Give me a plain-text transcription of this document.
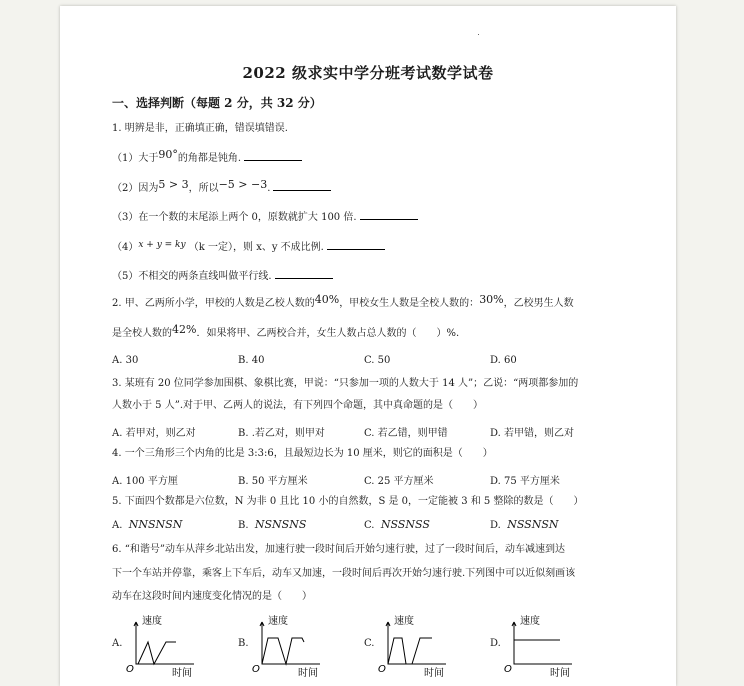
2022 级求实中学分班考试数学试卷
一、选择判断（每题 2 分，共 32 分）
1. 明辨是非，正确填正确，错误填错误.
（1）大于90°的角都是钝角.
（2）因为5 > 3，所以−5 > −3.
（3）在一个数的末尾添上两个 0，原数就扩大 100 倍.
（4）x + y = ky （k 一定），则 x、y 不成比例.
（5）不相交的两条直线叫做平行线.
2. 甲、乙两所小学，甲校的人数是乙校人数的40%，甲校女生人数是全校人数的：30%，乙校男生人数
是全校人数的42%．如果将甲、乙两校合并，女生人数占总人数的（　　）%.
A. 30	B. 40	C. 50	D. 60
3. 某班有 20 位同学参加围棋、象棋比赛，甲说：“只参加一项的人数大于 14 人”；乙说：“两项都参加的
人数小于 5 人”.对于甲、乙两人的说法，有下列四个命题，其中真命题的是（　　）
A. 若甲对，则乙对	B. .若乙对，则甲对	C. 若乙错，则甲错	D. 若甲错，则乙对
4. 一个三角形三个内角的比是 3:3:6，且最短边长为 10 厘米，则它的面积是（　　）
A. 100 平方厘	B. 50 平方厘米	C. 25 平方厘米	D. 75 平方厘米
5. 下面四个数都是六位数，N 为非 0 且比 10 小的自然数，S 是 0，一定能被 3 和 5 整除的数是（　　）
A. NNSNSN	B. NSNSNS	C. NSSNSS	D. NSSNSN
6. “和谐号”动车从萍乡北站出发，加速行驶一段时间后开始匀速行驶，过了一段时间后，动车减速到达
下一个车站并停靠，乘客上下车后，动车又加速，一段时间后再次开始匀速行驶.下列图中可以近似刻画该
动车在这段时间内速度变化情况的是（　　）
A.
速度
O	时间
B.
速度
O	时间
C.
速度
O	时间
D.
速度
O	时间
